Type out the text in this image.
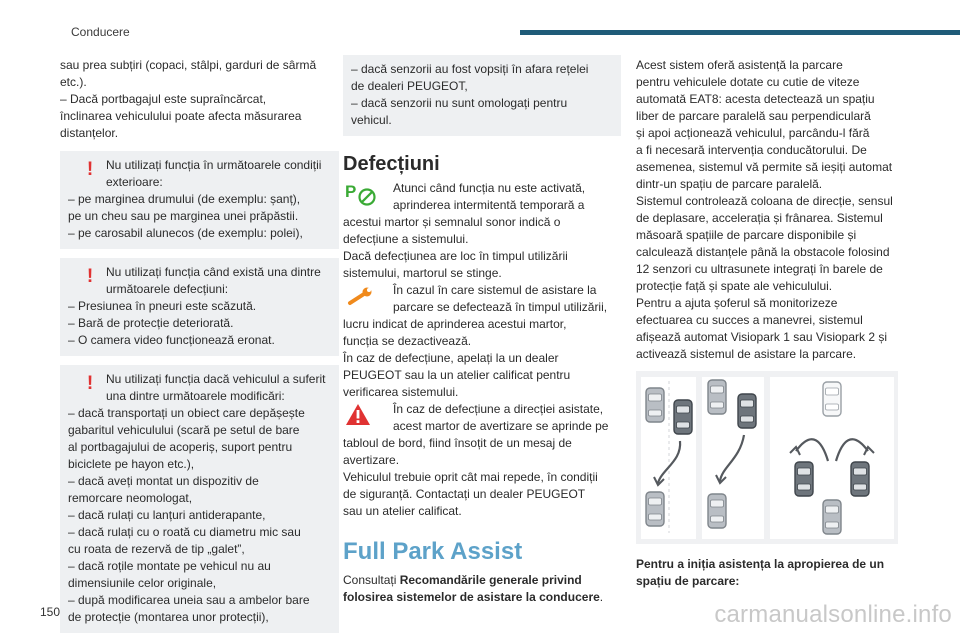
Conducere

sau prea subțiri (copaci, stâlpi, garduri de sârmă

etc.).

– Dacă portbagajul este supraîncărcat,

înclinarea vehiculului poate afecta măsurarea

distanțelor.

!	Nu utilizați funcția în următoarele condiții

exterioare:

– pe marginea drumului (de exemplu: șanț),

pe un cheu sau pe marginea unei prăpăstii.

– pe carosabil alunecos (de exemplu: polei),

!	Nu utilizați funcția când există una dintre

următoarele defecțiuni:

– Presiunea în pneuri este scăzută.

– Bară de protecție deteriorată.

– O camera video funcționează eronat.

!	Nu utilizați funcția dacă vehiculul a suferit

una dintre următoarele modificări:

– dacă transportați un obiect care depășește

gabaritul vehiculului (scară pe setul de bare

al portbagajului de acoperiș, suport pentru

biciclete pe hayon etc.),

– dacă aveți montat un dispozitiv de

remorcare neomologat,

– dacă rulați cu lanțuri antiderapante,

– dacă rulați cu o roată cu diametru mic sau

cu roata de rezervă de tip „galet”,

– dacă roțile montate pe vehicul nu au

dimensiunile celor originale,

– după modificarea uneia sau a ambelor bare

de protecție (montarea unor protecții),

– dacă senzorii au fost vopsiți în afara rețelei

de dealeri PEUGEOT,

– dacă senzorii nu sunt omologați pentru

vehicul.

Defecțiuni
P	Atunci când funcția nu este activată,

aprinderea intermitentă temporară a

acestui martor și semnalul sonor indică o

defecțiune a sistemului.

Dacă defecțiunea are loc în timpul utilizării

sistemului, martorul se stinge.

În cazul în care sistemul de asistare la

parcare se defectează în timpul utilizării,

lucru indicat de aprinderea acestui martor,

funcția se dezactivează.

În caz de defecțiune, apelați la un dealer

PEUGEOT sau la un atelier calificat pentru

verificarea sistemului.

În caz de defecțiune a direcției asistate,

acest martor de avertizare se aprinde pe

tabloul de bord, fiind însoțit de un mesaj de

avertizare.

Vehiculul trebuie oprit cât mai repede, în condiții

de siguranță. Contactați un dealer PEUGEOT

sau un atelier calificat.

Full Park Assist

Consultați Recomandările generale privind

folosirea sistemelor de asistare la conducere.

Acest sistem oferă asistență la parcare

pentru vehiculele dotate cu cutie de viteze

automată EAT8: acesta detectează un spațiu

liber de parcare paralelă sau perpendiculară

și apoi acționează vehiculul, parcându-l fără

a fi necesară intervenția conducătorului. De

asemenea, sistemul vă permite să ieșiți automat

dintr-un spațiu de parcare paralelă.

Sistemul controlează coloana de direcție, sensul

de deplasare, accelerația și frânarea. Sistemul

măsoară spațiile de parcare disponibile și

calculează distanțele până la obstacole folosind

12 senzori cu ultrasunete integrați în barele de

protecție față și spate ale vehiculului.

Pentru a ajuta șoferul să monitorizeze

efectuarea cu succes a manevrei, sistemul

afișează automat Visiopark 1 sau Visiopark 2 și

activează sistemul de asistare la parcare.

Pentru a iniția asistența la apropierea de un

spațiu de parcare:

150	carmanualsonline.info
